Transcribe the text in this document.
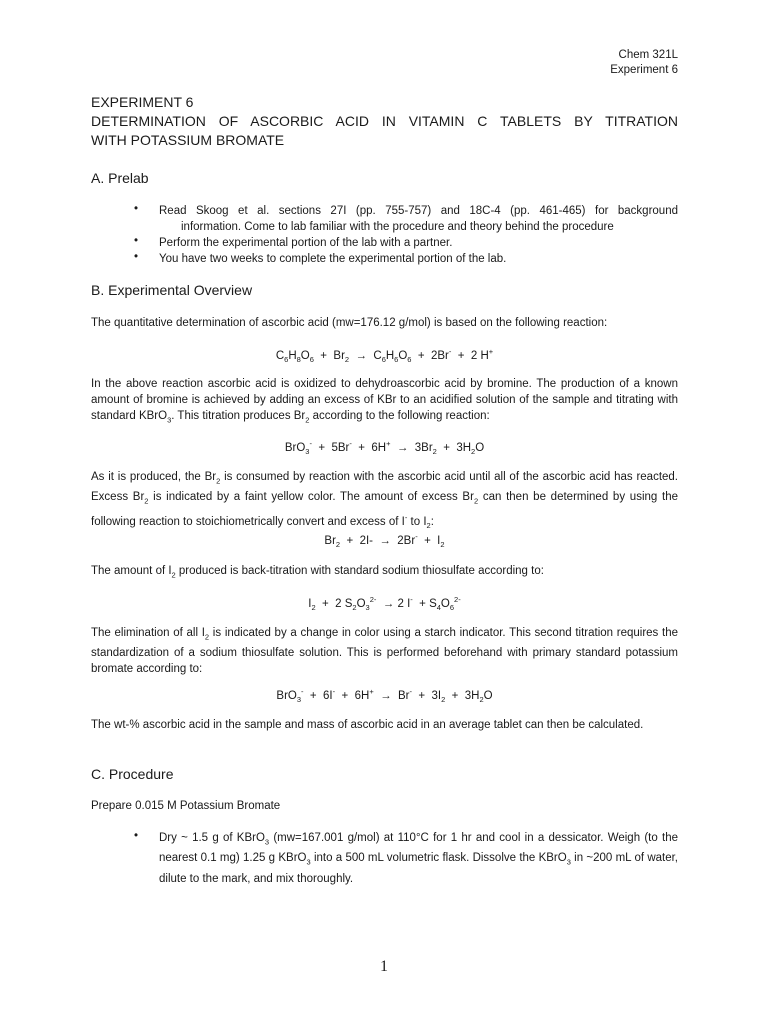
Chem 321L
Experiment 6
EXPERIMENT 6
DETERMINATION OF ASCORBIC ACID IN VITAMIN C TABLETS BY TITRATION
WITH POTASSIUM BROMATE
A. Prelab
• Read Skoog et al. sections 27I (pp. 755-757) and 18C-4 (pp. 461-465) for background
information. Come to lab familiar with the procedure and theory behind the procedure
• Perform the experimental portion of the lab with a partner.
• You have two weeks to complete the experimental portion of the lab.
B. Experimental Overview
The quantitative determination of ascorbic acid (mw=176.12 g/mol) is based on the following reaction:
$C_6H_8O_6 + Br_2 \to C_6H_6O_6 + 2Br^- + 2$ H+
In the above reaction ascorbic acid is oxidized to dehydroascorbic acid by bromine. The production of a known amount of bromine is achieved by adding an excess of KBr to an acidified solution of the sample and titrating with standard KBrO$_3$. This titration produces $Br_2$ according to the following reaction:
$BrO_3^- + 5Br^- + 6H^+ \to 3Br_2 + 3H_2O$
As it is produced, the $Br_2$ is consumed by reaction with the ascorbic acid until all of the ascorbic acid has reacted. Excess $Br_2$ is indicated by a faint yellow color. The amount of excess $Br_2$ can then be determined by using the following reaction to stoichiometrically convert and excess of I- to $I_2$:
$Br_2 + 2I- \to 2Br^- + I_2$
The amount of $I_2$ produced is back-titration with standard sodium thiosulfate according to:
$I_2 + 2$ $S_2O_3^{2-} \to 2$ $I^- + S_4O_6^{2-}$
The elimination of all $I_2$ is indicated by a change in color using a starch indicator. This second titration requires the standardization of a sodium thiosulfate solution. This is performed beforehand with primary standard potassium bromate according to:
$BrO_3^- + 6I^- + 6H^+ \to Br^- + 3I_2 + 3H_2O$
The wt-% ascorbic acid in the sample and mass of ascorbic acid in an average tablet can then be calculated.
C. Procedure
Prepare 0.015 M Potassium Bromate
• Dry ~ 1.5 g of KBrO$_3$ (mw=167.001 g/mol) at 110°C for 1 hr and cool in a dessicator. Weigh (to the nearest 0.1 mg) 1.25 g KBrO$_3$ into a 500 mL volumetric flask. Dissolve the KBrO$_3$ in ~200 mL of water, dilute to the mark, and mix thoroughly.
1
